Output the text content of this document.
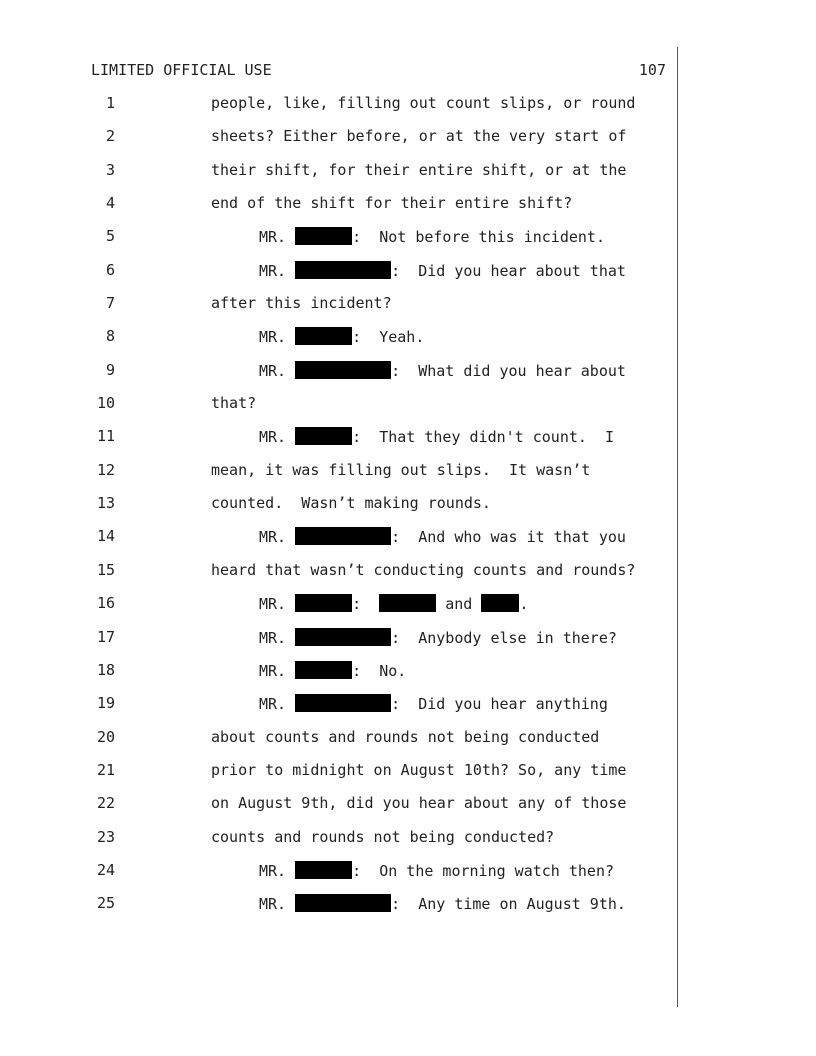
LIMITED OFFICIAL USE	107
1	people, like, filling out count slips, or round
2	sheets? Either before, or at the very start of
3	their shift, for their entire shift, or at the
4	end of the shift for their entire shift?
5	MR.	:  Not before this incident.
6	MR.	:  Did you hear about that
7	after this incident?
8	MR.	:  Yeah.
9	MR.	:  What did you hear about
10	that?
11	MR.	:  That they didn't count.  I
12	mean, it was filling out slips.  It wasn’t
13	counted.  Wasn’t making rounds.
14	MR.	:  And who was it that you
15	heard that wasn’t conducting counts and rounds?
16	MR.	:	and	.
17	MR.	:  Anybody else in there?
18	MR.	:  No.
19	MR.	:  Did you hear anything
20	about counts and rounds not being conducted
21	prior to midnight on August 10th? So, any time
22	on August 9th, did you hear about any of those
23	counts and rounds not being conducted?
24	MR.	:  On the morning watch then?
25	MR.	:  Any time on August 9th.
